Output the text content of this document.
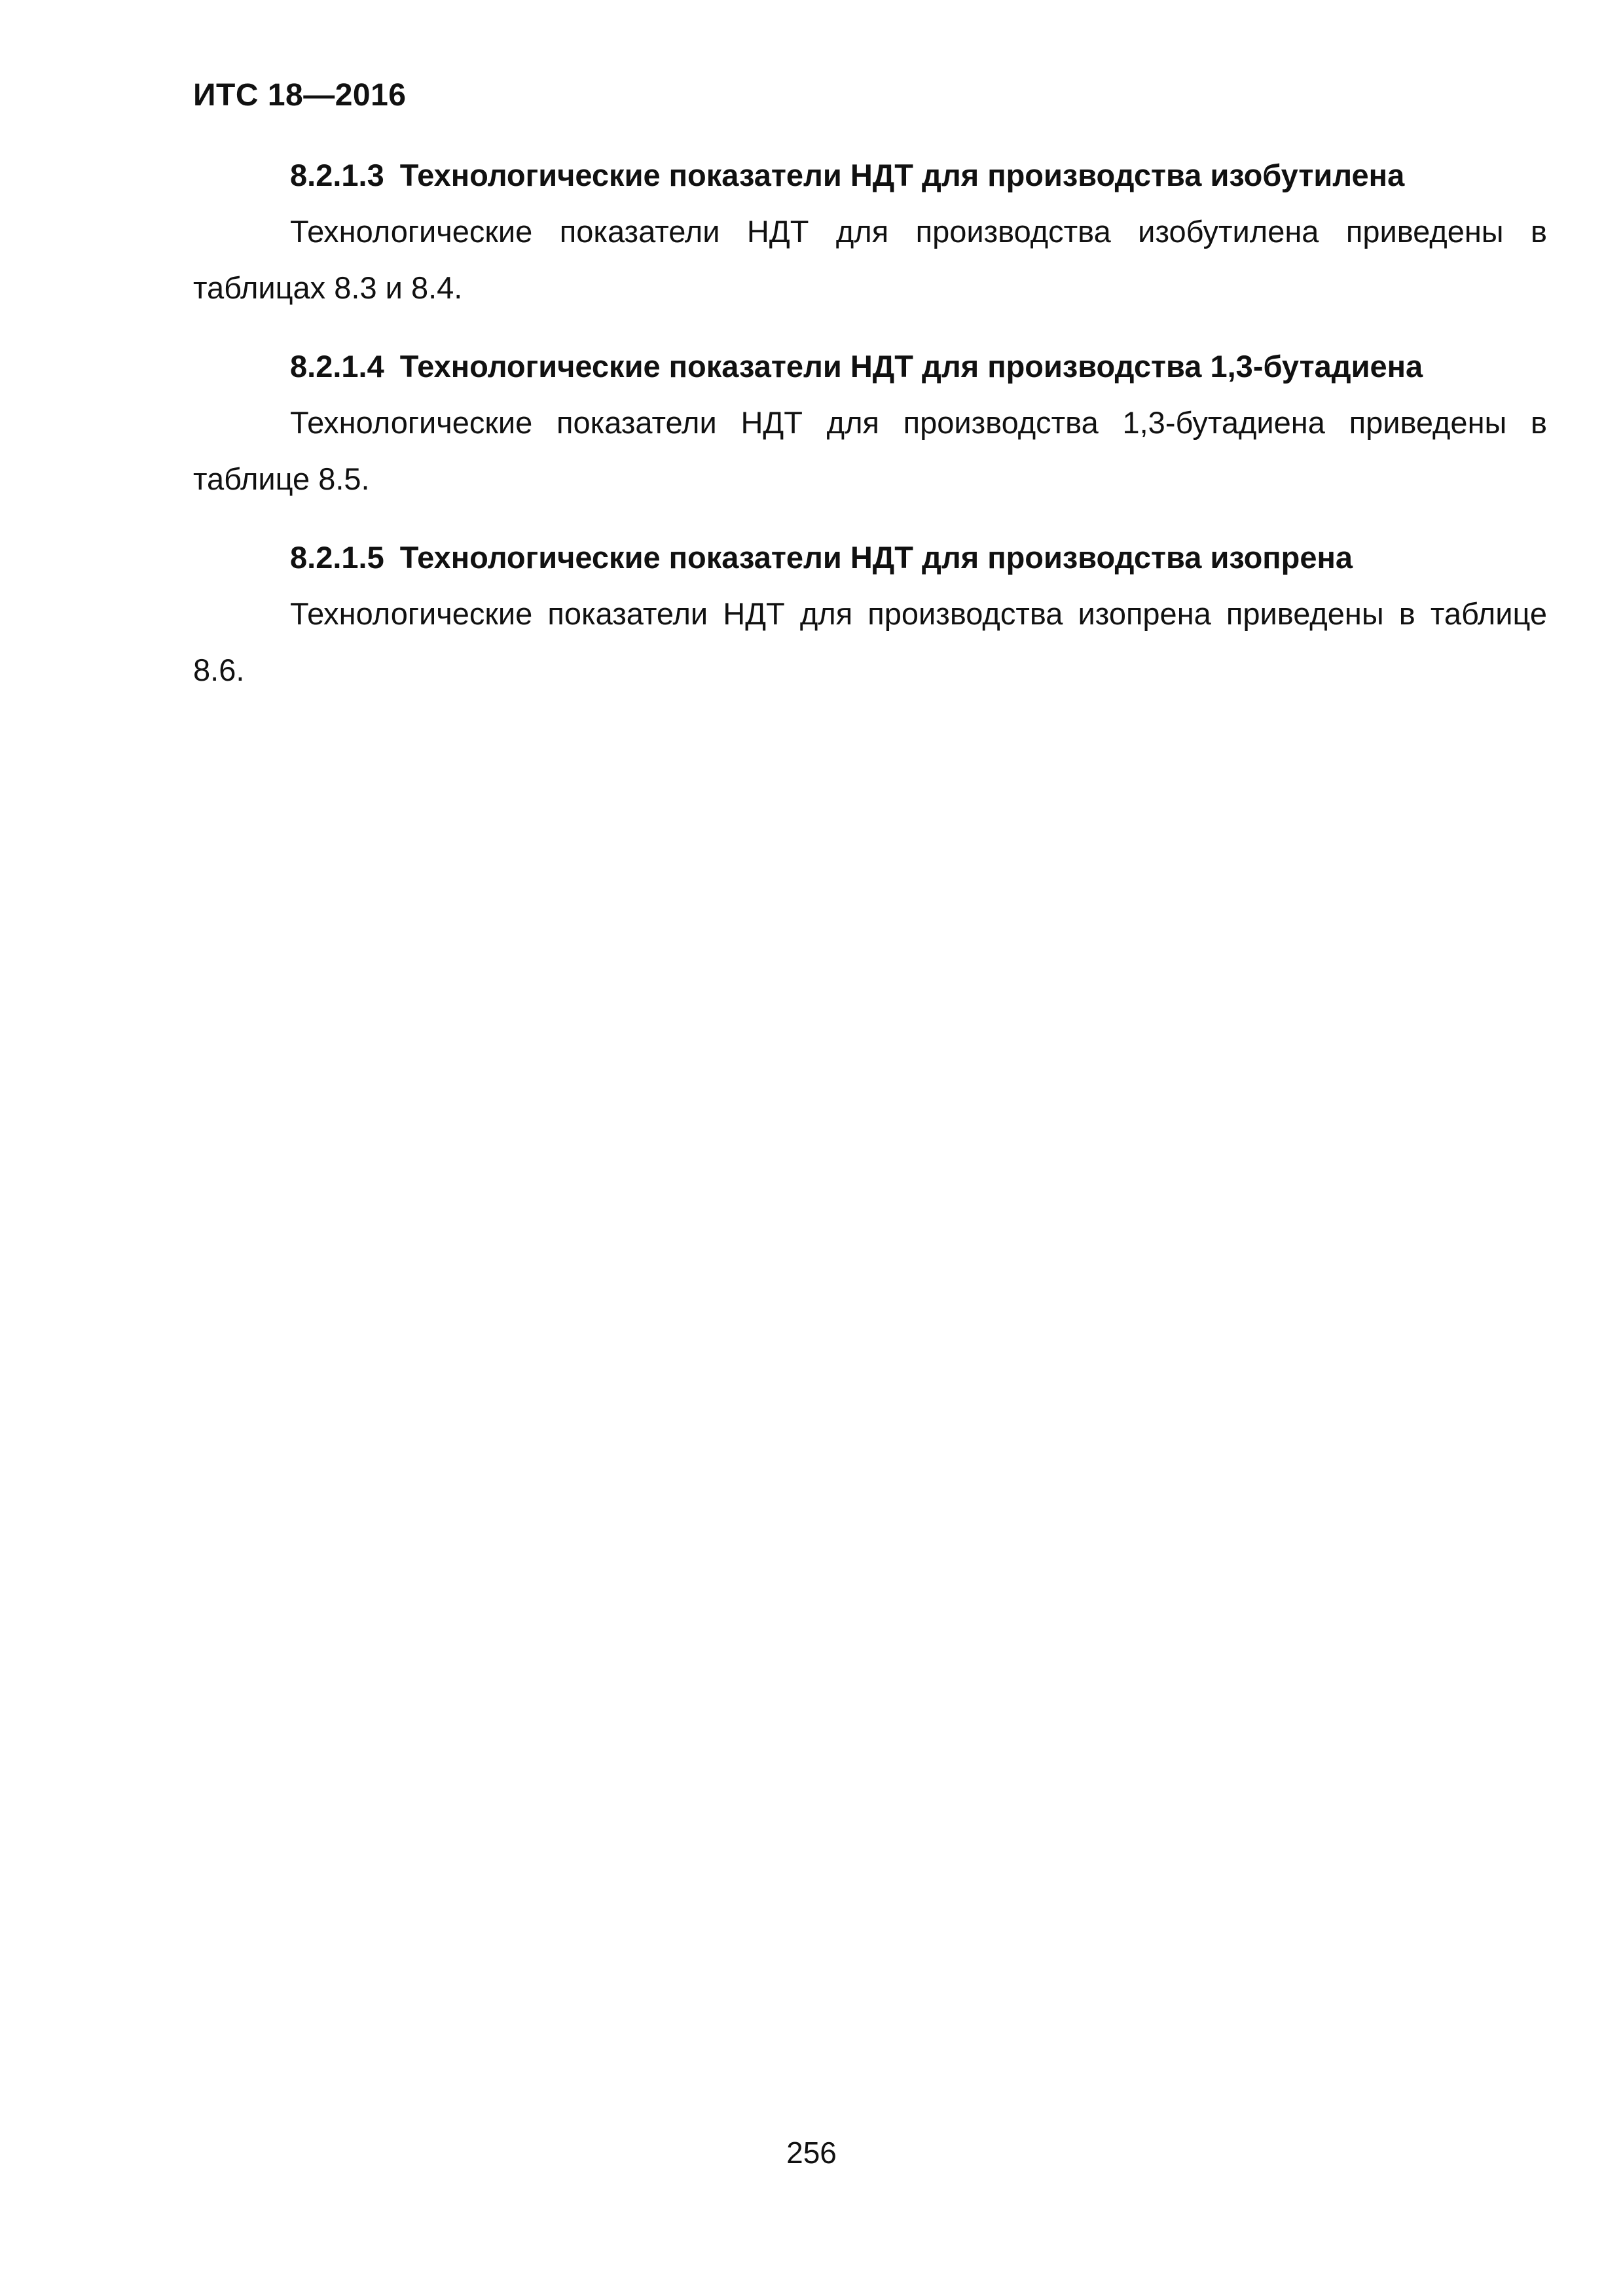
ИТС 18—2016
8.2.1.3 Технологические показатели НДТ для производства изобутилена
Технологические показатели НДТ для производства изобутилена приведены в таблицах 8.3 и 8.4.
8.2.1.4 Технологические показатели НДТ для производства 1,3-бутадиена
Технологические показатели НДТ для производства 1,3-бутадиена приведены в таблице 8.5.
8.2.1.5 Технологические показатели НДТ для производства изопрена
Технологические показатели НДТ для производства изопрена приведены в таблице 8.6.
256
